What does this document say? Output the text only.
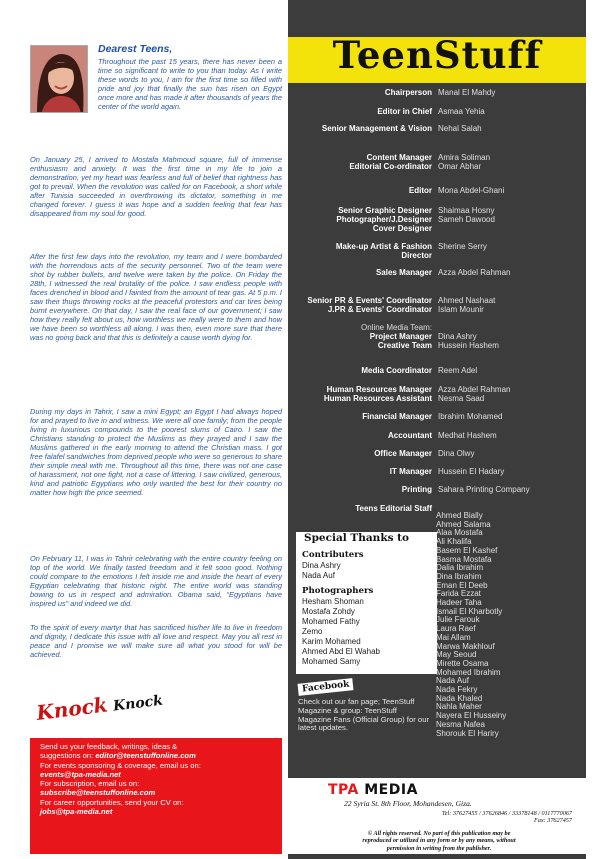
Dearest Teens,

Throughout the past 15 years, there has never been a time so significant to write to you than today. As I write these words to you, I am for the first time so filled with pride and joy that finally the sun has risen on Egypt once more and has made it after thousands of years the center of the world again.

On January 25, I arrived to Mostafa Mahmoud square, full of immense enthusiasm and anxiety. It was the first time in my life to join a demonstration, yet my heart was fearless and full of belief that rightness has got to prevail. When the revolution was called for on Facebook, a short while after Tunisia succeeded in overthrowing its dictator, something in me changed forever. I guess it was hope and a sudden feeling that fear has disappeared from my soul for good.

After the first few days into the revolution, my team and I were bombarded with the horrendous acts of the security personnel. Two of the team were shot by rubber bullets, and twelve were taken by the police. On Friday the 28th, I witnessed the real brutality of the police. I saw endless people with faces drenched in blood and I fainted from the amount of tear gas. At 5 p.m. I saw their thugs throwing rocks at the peaceful protestors and car tires being burnt everywhere. On that day, I saw the real face of our government; I saw how they really felt about us, how worthless we really were to them and how we have been so worthless all along. I was then, even more sure that there was no going back and that this is definitely a cause worth dying for.

During my days in Tahrir, I saw a mini Egypt; an Egypt I had always hoped for and prayed to live in and witness. We were all one family; from the people living in luxurious compounds to the poorest slums of Cairo. I saw the Christians standing to protect the Muslims as they prayed and I saw the Muslims gathered in the early morning to attend the Christian mass. I got free falafel sandwiches from deprived people who were so generous to share their simple meal with me. Throughout all this time, there was not one case of harassment, not one fight, not a case of littering. I saw civilized, generous, kind and patriotic Egyptians who only wanted the best for their country no matter how high the price seemed.

On February 11, I was in Tahrir celebrating with the entire country feeling on top of the world. We finally tasted freedom and it felt sooo good. Nothing could compare to the emotions I felt inside me and inside the heart of every Egyptian celebrating that historic night. The entire world was standing bowing to us in respect and admiration. Obama said, “Egyptians have inspired us” and indeed we did.

To the spirit of every martyr that has sacrificed his/her life to live in freedom and dignity, I dedicate this issue with all love and respect. May you all rest in peace and I promise we will make sure all what you stood for will be achieved.

Knock Knock
Send us your feedback, writings, ideas &
suggestions on: editor@teenstuffonline.com
For events sponsoring & coverage, email us on:
events@tpa-media.net
For subscription, email us on:
subscribe@teenstuffonline.com
For career opportunities, send your CV on:
jobs@tpa-media.net
TeenStuff
Chairperson Manal El Mahdy
Editor in Chief Asmaa Yehia
Senior Management & Vision Nehal Salah
Content Manager Amira Soliman
Editorial Co-ordinator Omar Abhar
Editor Mona Abdel-Ghani
Senior Graphic Designer Shaimaa Hosny
Photographer/J.Designer Sameh Dawood
Cover Designer
Make-up Artist & Fashion Sherine Serry
Director
Sales Manager Azza Abdel Rahman
Senior PR & Events' Coordinator Ahmed Nashaat
J.PR & Events' Coordinator Islam Mounir
Online Media Team:
Project Manager Dina Ashry
Creative Team Hussein Hashem
Media Coordinator Reem Adel
Human Resources Manager Azza Abdel Rahman
Human Resources Assistant Nesma Saad
Financial Manager Ibrahim Mohamed
Accountant Medhat Hashem
Office Manager Dina Olwy
IT Manager Hussein El Hadary
Printing Sahara Printing Company
Teens Editorial Staff
Special Thanks to
Contributers
Dina Ashry
Nada Auf
Photographers
Hesham Shoman
Mostafa Zohdy
Mohamed Fathy
Zemo
Karim Mohamed
Ahmed Abd El Wahab
Mohamed Samy
Ahmed Bially
Ahmed Salama
Alaa Mostafa
Ali Khalifa
Basem El Kashef
Basma Mostafa
Dalia Ibrahim
Dina Ibrahim
Eman El Deeb
Farida Ezzat
Hadeer Taha
Ismail El Kharbotly
Julie Farouk
Laura Raef
Mai Allam
Marwa Makhlouf
May Seoud
Mirette Osama
Mohamed Ibrahim
Nada Auf
Nada Fekry
Nada Khaled
Nahla Maher
Nayera El Husseiny
Nesma Nafea
Shorouk El Hariry
Facebook
Check out our fan page; TeenStuff Magazine & group: TeenStuff Magazine Fans (Official Group) for our latest updates.
TPA MEDIA
22 Syria St. 8th Floor, Mohandesen, Giza.
Tel: 37627455 / 37626846 / 33378148 / 0117770067
Fax: 37627457
© All rights reserved. No part of this publication may be
reproduced or utilized in any form or by any means, without
permission in writing from the publisher.
